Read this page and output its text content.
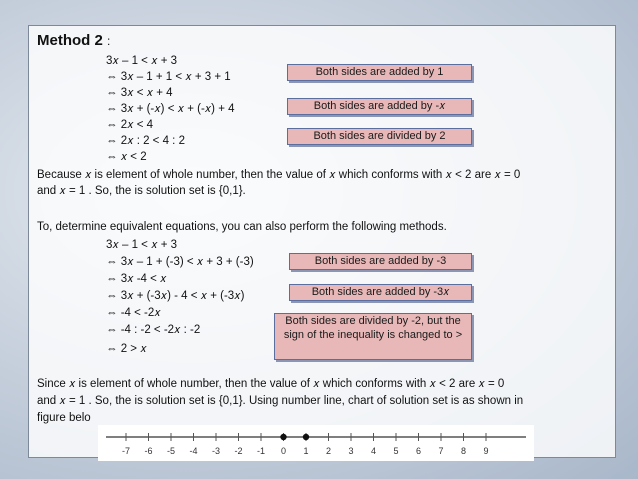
Method 2 :
3𝑥 – 1 < 𝑥 + 3
⇔ 3𝑥 – 1 + 1 < 𝑥 + 3 + 1
⇔ 3𝑥 < 𝑥 + 4
⇔ 3𝑥 + (-𝑥) < 𝑥 + (-𝑥) + 4
⇔ 2𝑥 < 4
⇔ 2𝑥 : 2 < 4 : 2
⇔ 𝑥 < 2
Both sides are added by 1
Both sides are added by -𝑥
Both sides are divided by 2
Because 𝑥 is element of whole number, then the value of 𝑥 which conforms with 𝑥 < 2 are 𝑥 = 0
and 𝑥 = 1 . So, the is solution set is {0,1}.
To, determine equivalent equations, you can also perform the following methods.
3𝑥 – 1 < 𝑥 + 3
⇔ 3𝑥 – 1 + (-3) < 𝑥 + 3 + (-3)
⇔ 3𝑥 -4 < 𝑥
⇔ 3𝑥 + (-3𝑥) - 4 < 𝑥 + (-3𝑥)
⇔ -4 < -2𝑥
⇔ -4 : -2 < -2𝑥 : -2
⇔ 2 > 𝑥
Both sides are added by -3
Both sides are added by -3𝑥
Both sides are divided by -2, but the sign of the inequality is changed to >
Since 𝑥 is element of whole number, then the value of 𝑥 which conforms with 𝑥 < 2 are 𝑥 = 0
and 𝑥 = 1 . So, the is solution set is {0,1}. Using number line, chart of solution set is as shown in
figure belo
-7 -6 -5 -4 -3 -2 -1 0 1 2 3 4 5 6 7 8 9
